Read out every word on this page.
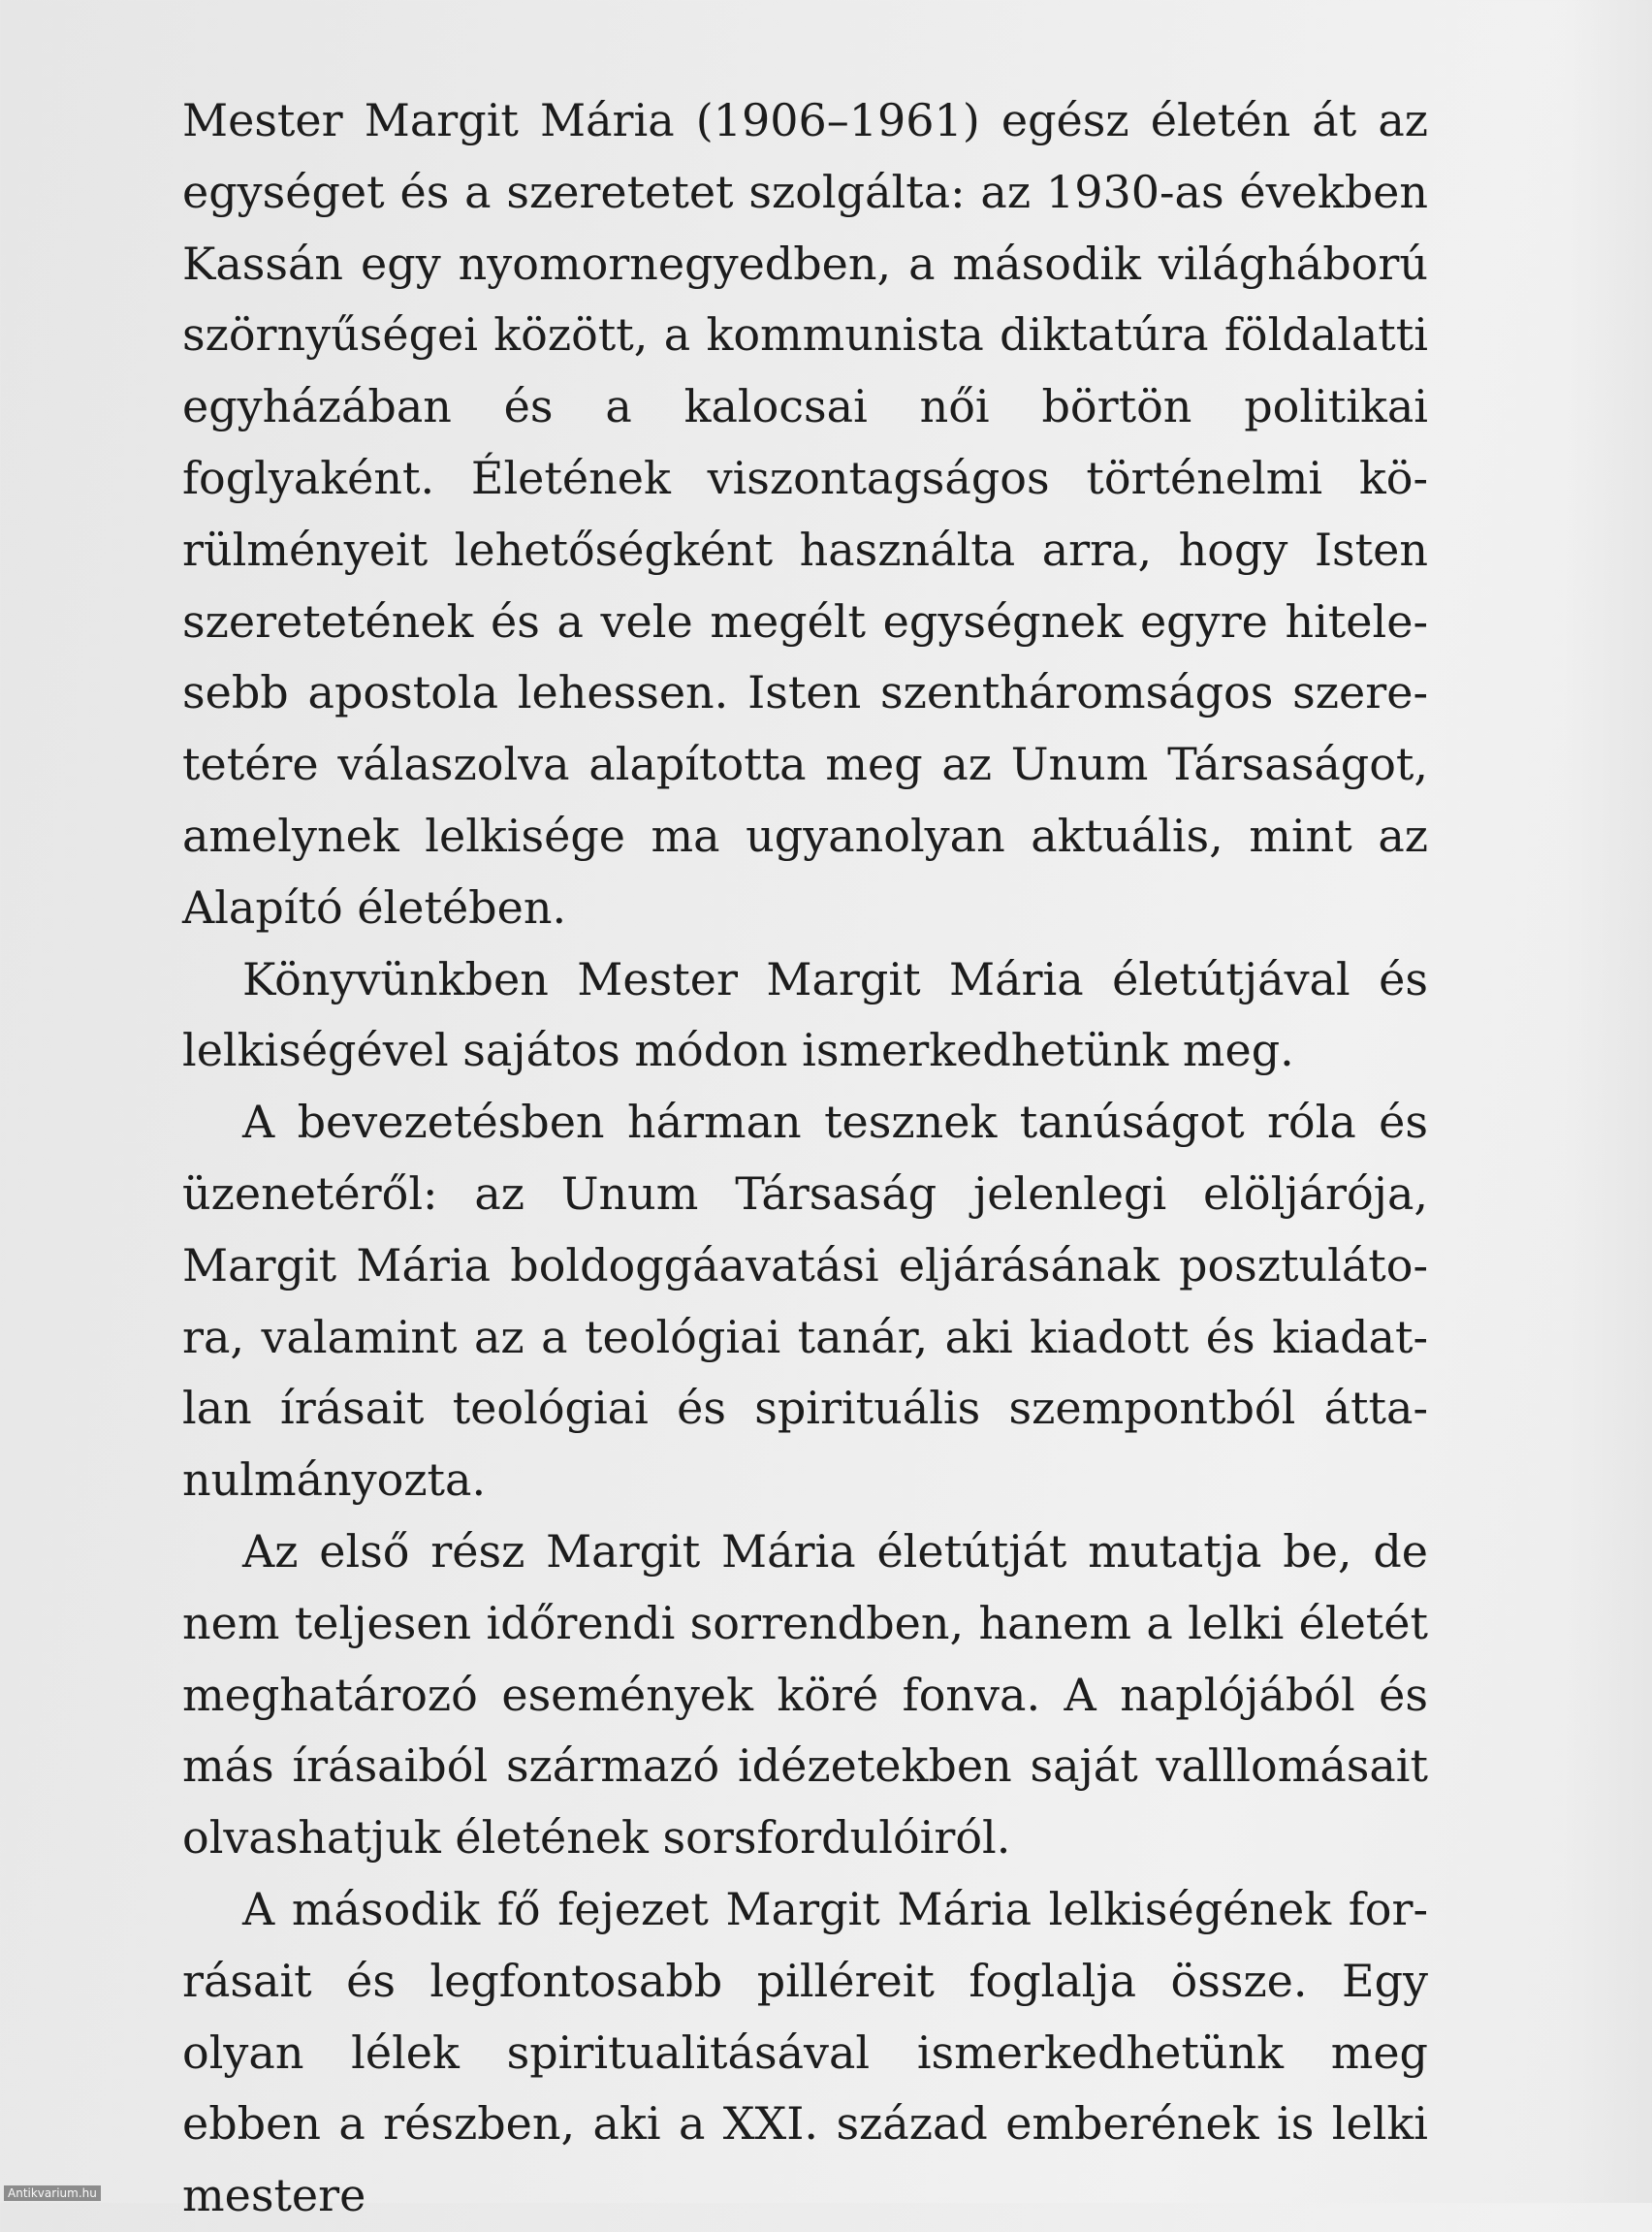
Mester Margit Mária (1906–1961) egész életén át az egységet és a szeretetet szolgálta: az 1930-as években Kassán egy nyomornegyedben, a második világháború szörnyűségei között, a kommunista diktatúra földalatti egyházában és a kalocsai női börtön politikai foglyaként. Életének viszontagságos történelmi körülményeit lehetőségként használta arra, hogy Isten szeretetének és a vele megélt egységnek egyre hitelesebb apostola lehessen. Isten szentháromságos szeretetére válaszolva alapította meg az Unum Társaságot, amelynek lelkisége ma ugyanolyan aktuális, mint az Alapító életében.

Könyvünkben Mester Margit Mária életútjával és lelkiségével sajátos módon ismerkedhetünk meg.

A bevezetésben hárman tesznek tanúságot róla és üzenetéről: az Unum Társaság jelenlegi elöljárója, Margit Mária boldoggáavatási eljárásának posztulátora, valamint az a teológiai tanár, aki kiadott és kiadatlan írásait teológiai és spirituális szempontból áttanulmányozta.

Az első rész Margit Mária életútját mutatja be, de nem teljesen időrendi sorrendben, hanem a lelki életét meghatározó események köré fonva. A naplójából és más írásaiból származó idézetekben saját valllomásait olvashatjuk életének sorsfordulóiról.

A második fő fejezet Margit Mária lelkiségének forrásait és legfontosabb pilléreit foglalja össze. Egy olyan lélek spiritualitásával ismerkedhetünk meg ebben a részben, aki a XXI. század emberének is lelki mestere

Antikvarium.hu
